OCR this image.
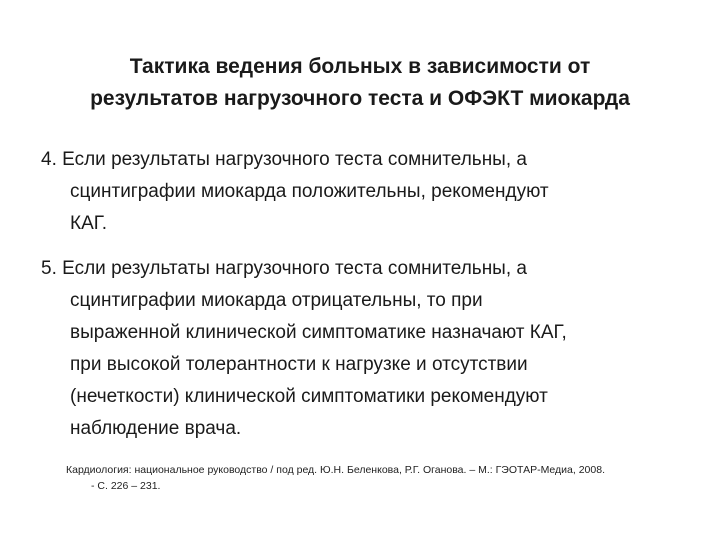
Тактика ведения больных в зависимости от
результатов нагрузочного теста и ОФЭКТ миокарда
4. Если результаты нагрузочного теста сомнительны, а
сцинтиграфии миокарда положительны, рекомендуют
КАГ.
5. Если результаты нагрузочного теста сомнительны, а
сцинтиграфии миокарда отрицательны, то при
выраженной клинической симптоматике назначают КАГ,
при высокой толерантности к нагрузке и отсутствии
(нечеткости) клинической симптоматики рекомендуют
наблюдение врача.
Кардиология: национальное руководство / под ред. Ю.Н. Беленкова, Р.Г. Оганова. – М.: ГЭОТАР-Медиа, 2008.
- С. 226 – 231.
